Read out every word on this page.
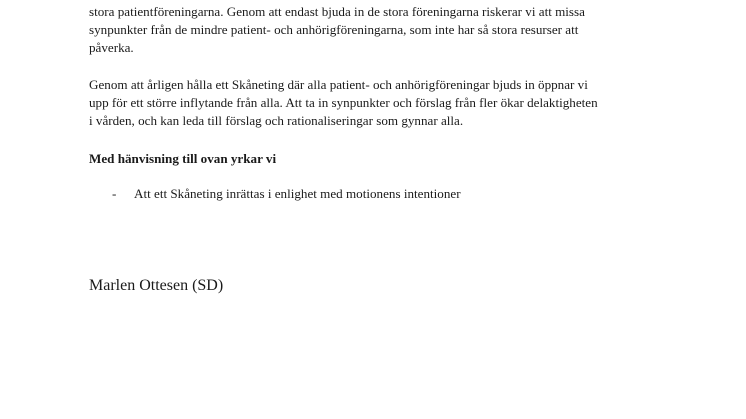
stora patientföreningarna. Genom att endast bjuda in de stora föreningarna riskerar vi att missa
synpunkter från de mindre patient- och anhörigföreningarna, som inte har så stora resurser att
påverka.

Genom att årligen hålla ett Skåneting där alla patient- och anhörigföreningar bjuds in öppnar vi
upp för ett större inflytande från alla. Att ta in synpunkter och förslag från fler ökar delaktigheten
i vården, och kan leda till förslag och rationaliseringar som gynnar alla.

Med hänvisning till ovan yrkar vi

- Att ett Skåneting inrättas i enlighet med motionens intentioner
Marlen Ottesen (SD)
